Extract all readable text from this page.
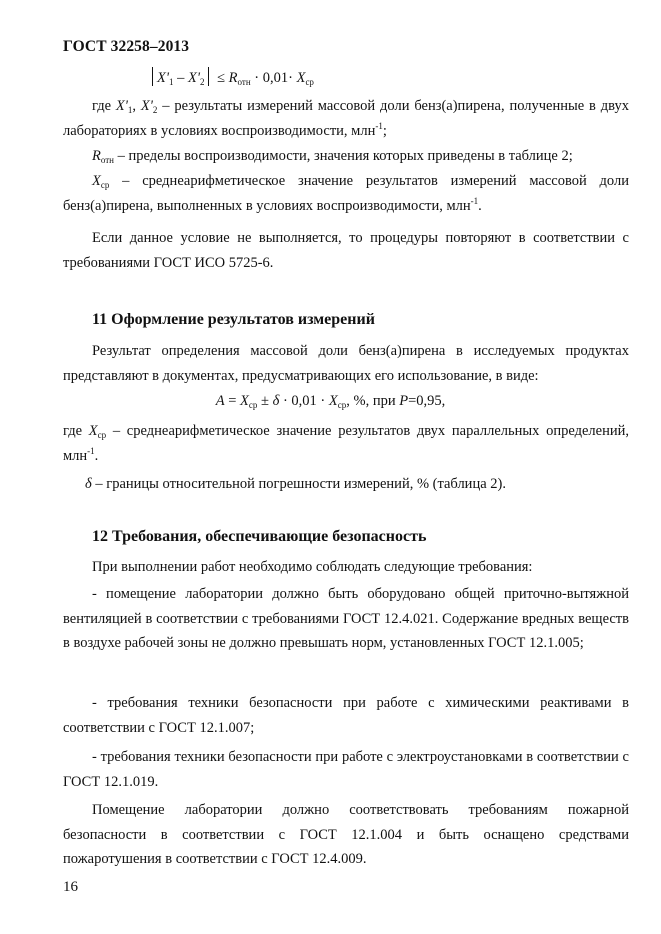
ГОСТ 32258–2013
$X'_1 - X'_2 \le R_{отн} \cdot 0,01\cdot X_{ср}$
где $X'_1$, $X'_2$ – результаты измерений массовой доли бенз(а)пирена, полученные в двух лабораториях в условиях воспроизводимости, млн$^{-1}$;
$R_{отн}$ – пределы воспроизводимости, значения которых приведены в таблице 2;
$X_{ср}$ – среднеарифметическое значение результатов измерений массовой доли бенз(а)пирена, выполненных в условиях воспроизводимости, млн$^{-1}$.
Если данное условие не выполняется, то процедуры повторяют в соответствии с требованиями ГОСТ ИСО 5725-6.
11 Оформление результатов измерений
Результат определения массовой доли бенз(а)пирена в исследуемых продуктах представляют в документах, предусматривающих его использование, в виде:
$A = X_{ср} \pm \delta \cdot 0,01 \cdot X_{ср}$, %, при P=0,95,
где $X_{ср}$ – среднеарифметическое значение результатов двух параллельных определений, млн$^{-1}$.
δ – границы относительной погрешности измерений, % (таблица 2).
12 Требования, обеспечивающие безопасность
При выполнении работ необходимо соблюдать следующие требования:
- помещение лаборатории должно быть оборудовано общей приточно-вытяжной вентиляцией в соответствии с требованиями ГОСТ 12.4.021. Содержание вредных веществ в воздухе рабочей зоны не должно превышать норм, установленных ГОСТ 12.1.005;
- требования техники безопасности при работе с химическими реактивами в соответствии с ГОСТ 12.1.007;
- требования техники безопасности при работе с электроустановками в соответствии с ГОСТ 12.1.019.
Помещение лаборатории должно соответствовать требованиям пожарной безопасности в соответствии с ГОСТ 12.1.004 и быть оснащено средствами пожаротушения в соответствии с ГОСТ 12.4.009.
16
